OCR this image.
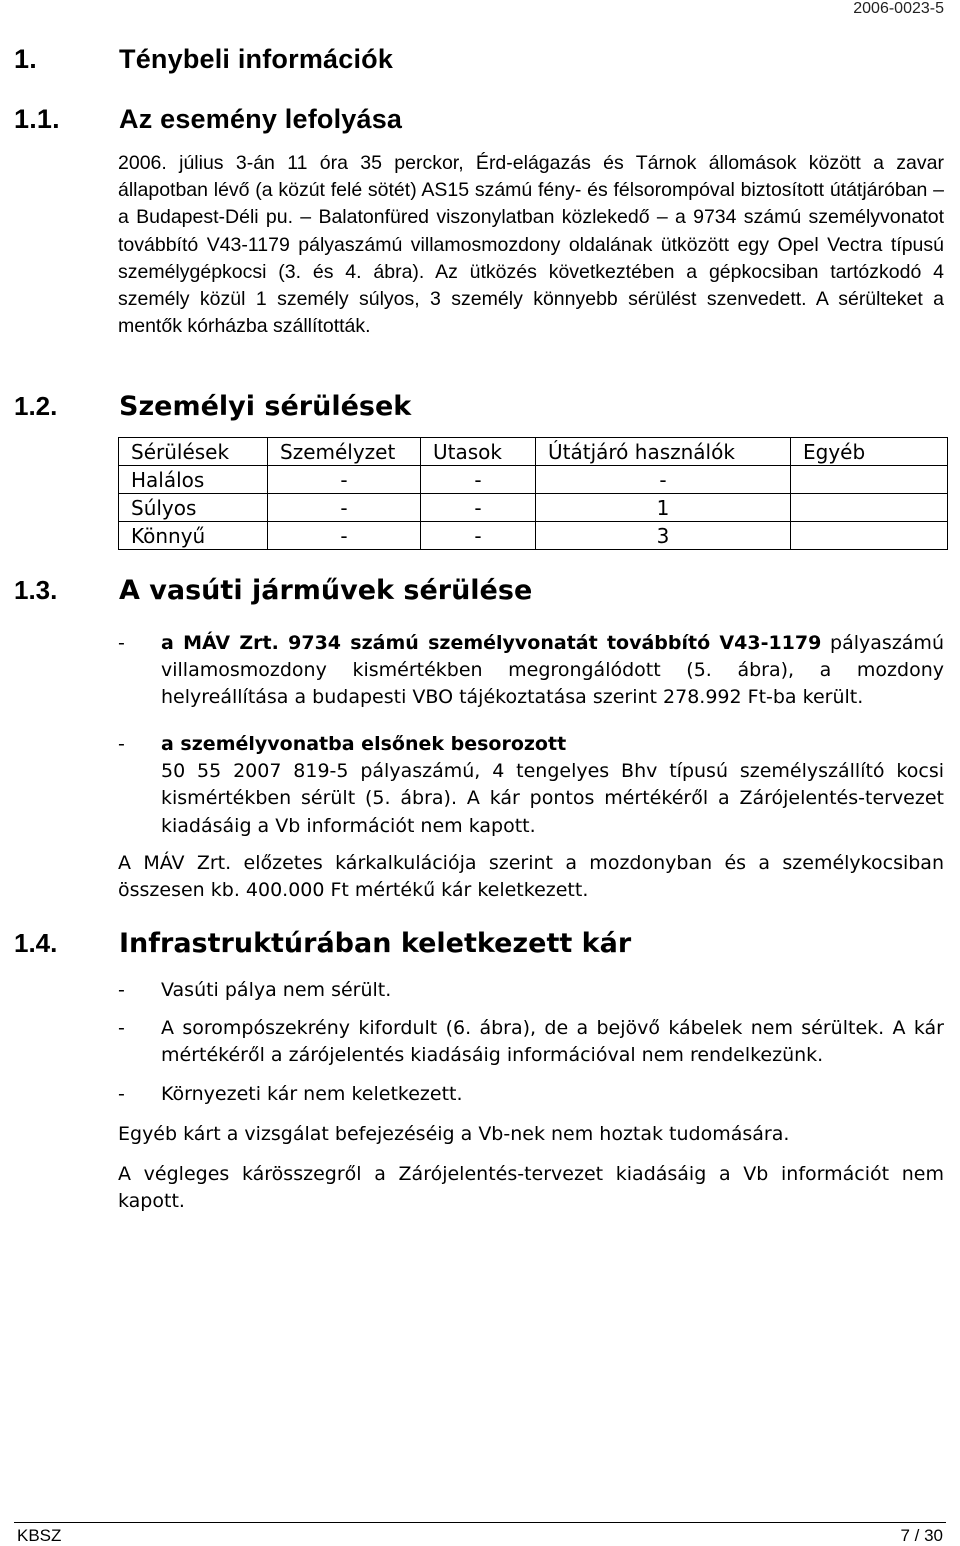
2006-0023-5
1.	Ténybeli információk
1.1. Az esemény lefolyása
2006. július 3-án 11 óra 35 perckor, Érd-elágazás és Tárnok állomások között a zavar állapotban lévő (a közút felé sötét) AS15 számú fény- és félsorompóval biztosított útátjáróban – a Budapest-Déli pu. – Balatonfüred viszonylatban közlekedő – a 9734 számú személyvonatot továbbító V43-1179 pályaszámú villamosmozdony oldalának ütközött egy Opel Vectra típusú személygépkocsi (3. és 4. ábra). Az ütközés következtében a gépkocsiban tartózkodó 4 személy közül 1 személy súlyos, 3 személy könnyebb sérülést szenvedett. A sérülteket a mentők kórházba szállították.
1.2. Személyi sérülések
Sérülések	Személyzet	Utasok	Útátjáró használók	Egyéb
Halálos	-	-	-	
Súlyos	-	-	1	
Könnyű	-	-	3	
1.3. A vasúti járművek sérülése
- a MÁV Zrt. 9734 számú személyvonatát továbbító V43-1179 pályaszámú villamosmozdony kismértékben megrongálódott (5. ábra), a mozdony helyreállítása a budapesti VBO tájékoztatása szerint 278.992 Ft-ba került.
- a személyvonatba elsőnek besorozott
50 55 2007 819-5 pályaszámú, 4 tengelyes Bhv típusú személyszállító kocsi kismértékben sérült (5. ábra). A kár pontos mértékéről a Zárójelentés-tervezet kiadásáig a Vb információt nem kapott.
A MÁV Zrt. előzetes kárkalkulációja szerint a mozdonyban és a személykocsiban összesen kb. 400.000 Ft mértékű kár keletkezett.
1.4. Infrastruktúrában keletkezett kár
- Vasúti pálya nem sérült.
- A sorompószekrény kifordult (6. ábra), de a bejövő kábelek nem sérültek. A kár mértékéről a zárójelentés kiadásáig információval nem rendelkezünk.
- Környezeti kár nem keletkezett.
Egyéb kárt a vizsgálat befejezéséig a Vb-nek nem hoztak tudomására.
A végleges kárösszegről a Zárójelentés-tervezet kiadásáig a Vb információt nem kapott.
KBSZ	7 / 30
